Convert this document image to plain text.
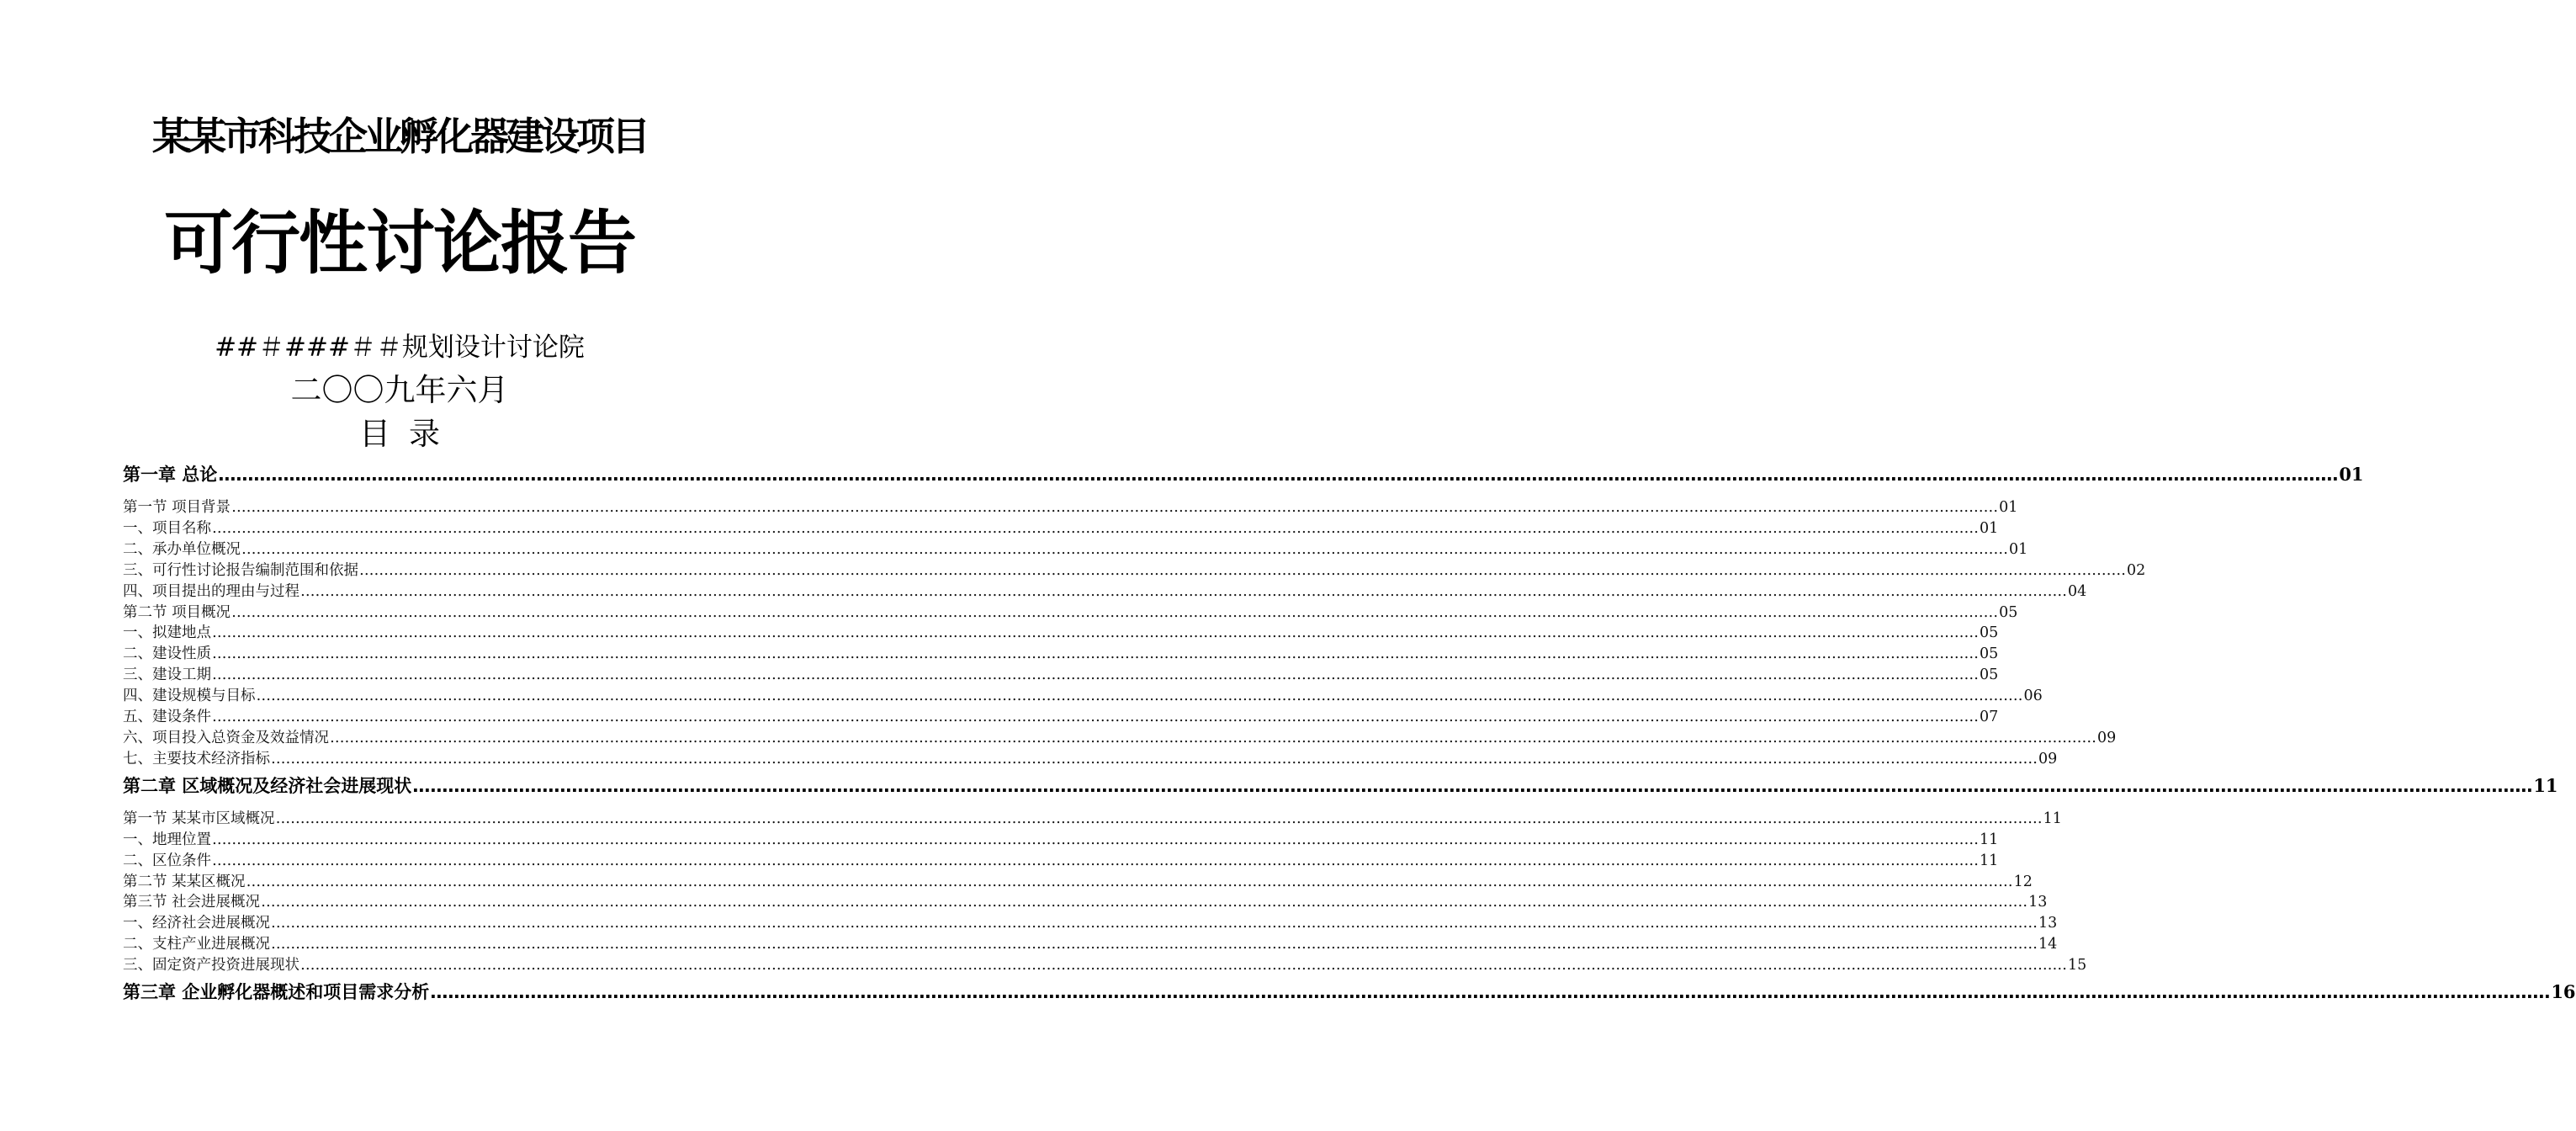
某某市科技企业孵化器建设项目
可行性讨论报告
##＃###＃＃规划设计讨论院
二〇〇九年六月
目录
第一章 总论 ……………………………………………………………………………………………………………………………………………………………………………………………………………………………………………………………………………………………………………………………… 01
第一节 项目背景 ……………………………………………………………………………………………………………………………………………………………………………………………………………………………………………………………………………………………………………………………… 01
一、项目名称 ……………………………………………………………………………………………………………………………………………………………………………………………………………………………………………………………………………………………………………………………… 01
二、承办单位概况 ……………………………………………………………………………………………………………………………………………………………………………………………………………………………………………………………………………………………………………………………… 01
三、可行性讨论报告编制范围和依据 ……………………………………………………………………………………………………………………………………………………………………………………………………………………………………………………………………………………………………………………………… 02
四、项目提出的理由与过程 ……………………………………………………………………………………………………………………………………………………………………………………………………………………………………………………………………………………………………………………………… 04
第二节 项目概况 ……………………………………………………………………………………………………………………………………………………………………………………………………………………………………………………………………………………………………………………………… 05
一、拟建地点 ……………………………………………………………………………………………………………………………………………………………………………………………………………………………………………………………………………………………………………………………… 05
二、建设性质 ……………………………………………………………………………………………………………………………………………………………………………………………………………………………………………………………………………………………………………………………… 05
三、建设工期 ……………………………………………………………………………………………………………………………………………………………………………………………………………………………………………………………………………………………………………………………… 05
四、建设规模与目标 ……………………………………………………………………………………………………………………………………………………………………………………………………………………………………………………………………………………………………………………………… 06
五、建设条件 ……………………………………………………………………………………………………………………………………………………………………………………………………………………………………………………………………………………………………………………………… 07
六、项目投入总资金及效益情况 ……………………………………………………………………………………………………………………………………………………………………………………………………………………………………………………………………………………………………………………………… 09
七、主要技术经济指标 ……………………………………………………………………………………………………………………………………………………………………………………………………………………………………………………………………………………………………………………………… 09
第二章 区域概况及经济社会进展现状 ……………………………………………………………………………………………………………………………………………………………………………………………………………………………………………………………………………………………………………………………… 11
第一节 某某市区域概况 ……………………………………………………………………………………………………………………………………………………………………………………………………………………………………………………………………………………………………………………………… 11
一、地理位置 ……………………………………………………………………………………………………………………………………………………………………………………………………………………………………………………………………………………………………………………………… 11
二、区位条件 ……………………………………………………………………………………………………………………………………………………………………………………………………………………………………………………………………………………………………………………………… 11
第二节 某某区概况 ……………………………………………………………………………………………………………………………………………………………………………………………………………………………………………………………………………………………………………………………… 12
第三节 社会进展概况 ……………………………………………………………………………………………………………………………………………………………………………………………………………………………………………………………………………………………………………………………… 13
一、经济社会进展概况 ……………………………………………………………………………………………………………………………………………………………………………………………………………………………………………………………………………………………………………………………… 13
二、支柱产业进展概况 ……………………………………………………………………………………………………………………………………………………………………………………………………………………………………………………………………………………………………………………………… 14
三、固定资产投资进展现状 ……………………………………………………………………………………………………………………………………………………………………………………………………………………………………………………………………………………………………………………………… 15
第三章 企业孵化器概述和项目需求分析 ……………………………………………………………………………………………………………………………………………………………………………………………………………………………………………………………………………………………………………………………… 16
